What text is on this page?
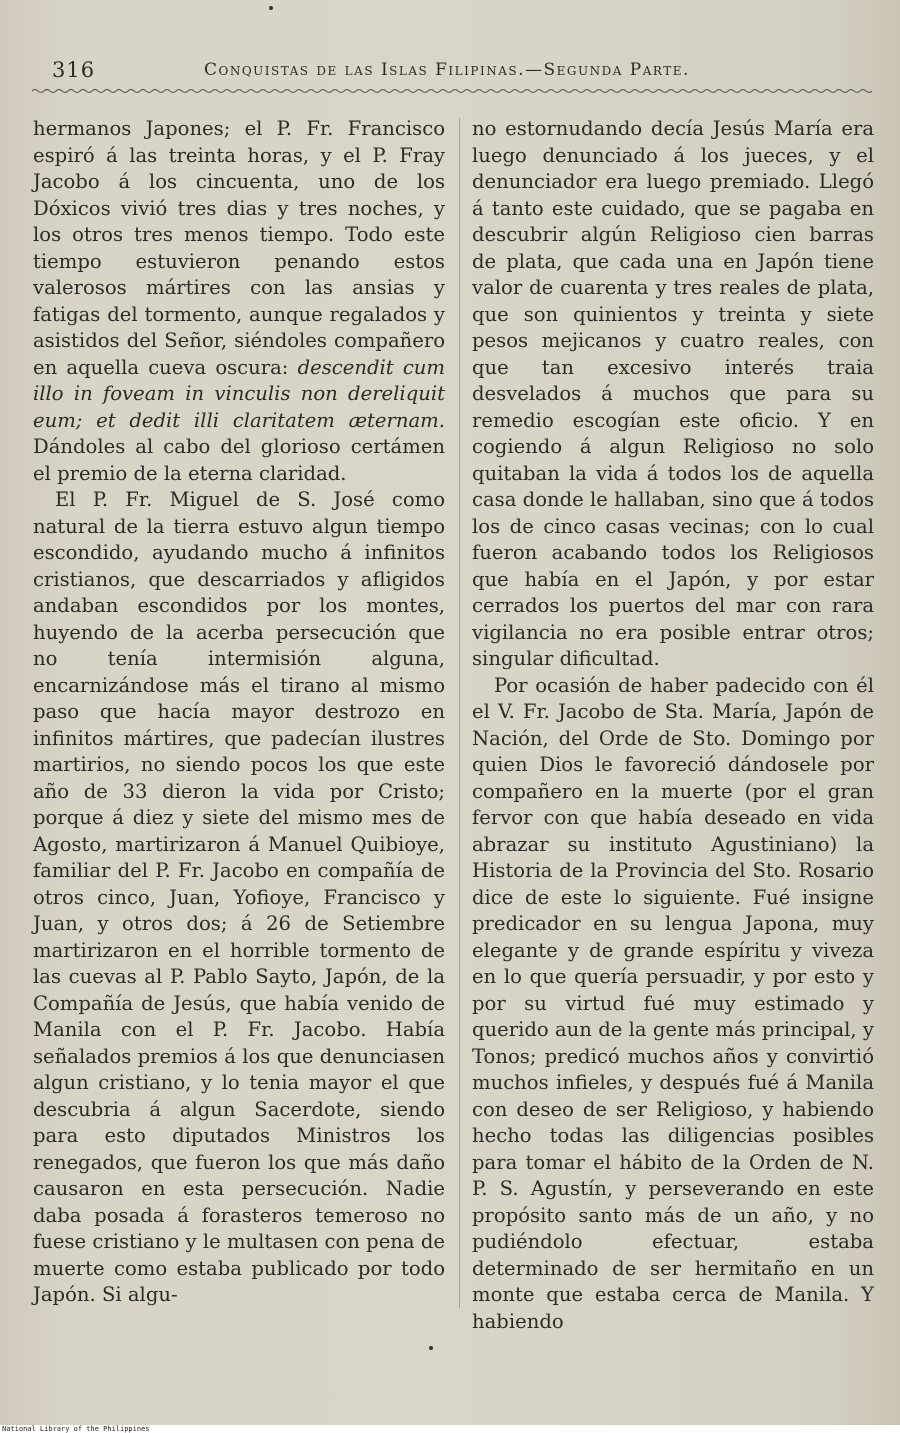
316	Conquistas de las Islas Filipinas.—Segunda Parte.

hermanos Japones; el P. Fr. Francisco espiró á las treinta horas, y el P. Fray Jacobo á los cincuenta, uno de los Dóxicos vivió tres dias y tres noches, y los otros tres menos tiempo. Todo este tiempo estuvieron penando estos valerosos mártires con las ansias y fatigas del tormento, aunque regalados y asistidos del Señor, siéndoles compañero en aquella cueva oscura: descendit cum illo in foveam in vinculis non dereliquit eum; et dedit illi claritatem æternam. Dándoles al cabo del glorioso certámen el premio de la eterna claridad.

El P. Fr. Miguel de S. José como natural de la tierra estuvo algun tiempo escondido, ayudando mucho á infinitos cristianos, que descarriados y afligidos andaban escondidos por los montes, huyendo de la acerba persecución que no tenía intermisión alguna, encarnizándose más el tirano al mismo paso que hacía mayor destrozo en infinitos mártires, que padecían ilustres martirios, no siendo pocos los que este año de 33 dieron la vida por Cristo; porque á diez y siete del mismo mes de Agosto, martirizaron á Manuel Quibioye, familiar del P. Fr. Jacobo en compañía de otros cinco, Juan, Yofioye, Francisco y Juan, y otros dos; á 26 de Setiembre martirizaron en el horrible tormento de las cuevas al P. Pablo Sayto, Japón, de la Compañía de Jesús, que había venido de Manila con el P. Fr. Jacobo. Había señalados premios á los que denunciasen algun cristiano, y lo tenia mayor el que descubria á algun Sacerdote, siendo para esto diputados Ministros los renegados, que fueron los que más daño causaron en esta persecución. Nadie daba posada á forasteros temeroso no fuese cristiano y le multasen con pena de muerte como estaba publicado por todo Japón. Si algu-

no estornudando decía Jesús María era luego denunciado á los jueces, y el denunciador era luego premiado. Llegó á tanto este cuidado, que se pagaba en descubrir algún Religioso cien barras de plata, que cada una en Japón tiene valor de cuarenta y tres reales de plata, que son quinientos y treinta y siete pesos mejicanos y cuatro reales, con que tan excesivo interés traia desvelados á muchos que para su remedio escogían este oficio. Y en cogiendo á algun Religioso no solo quitaban la vida á todos los de aquella casa donde le hallaban, sino que á todos los de cinco casas vecinas; con lo cual fueron acabando todos los Religiosos que había en el Japón, y por estar cerrados los puertos del mar con rara vigilancia no era posible entrar otros; singular dificultad.

Por ocasión de haber padecido con él el V. Fr. Jacobo de Sta. María, Japón de Nación, del Orde de Sto. Domingo por quien Dios le favoreció dándosele por compañero en la muerte (por el gran fervor con que había deseado en vida abrazar su instituto Agustiniano) la Historia de la Provincia del Sto. Rosario dice de este lo siguiente. Fué insigne predicador en su lengua Japona, muy elegante y de grande espíritu y viveza en lo que quería persuadir, y por esto y por su virtud fué muy estimado y querido aun de la gente más principal, y Tonos; predicó muchos años y convirtió muchos infieles, y después fué á Manila con deseo de ser Religioso, y habiendo hecho todas las diligencias posibles para tomar el hábito de la Orden de N. P. S. Agustín, y perseverando en este propósito santo más de un año, y no pudiéndolo efectuar, estaba determinado de ser hermitaño en un monte que estaba cerca de Manila. Y habiendo

National Library of the Philippines
